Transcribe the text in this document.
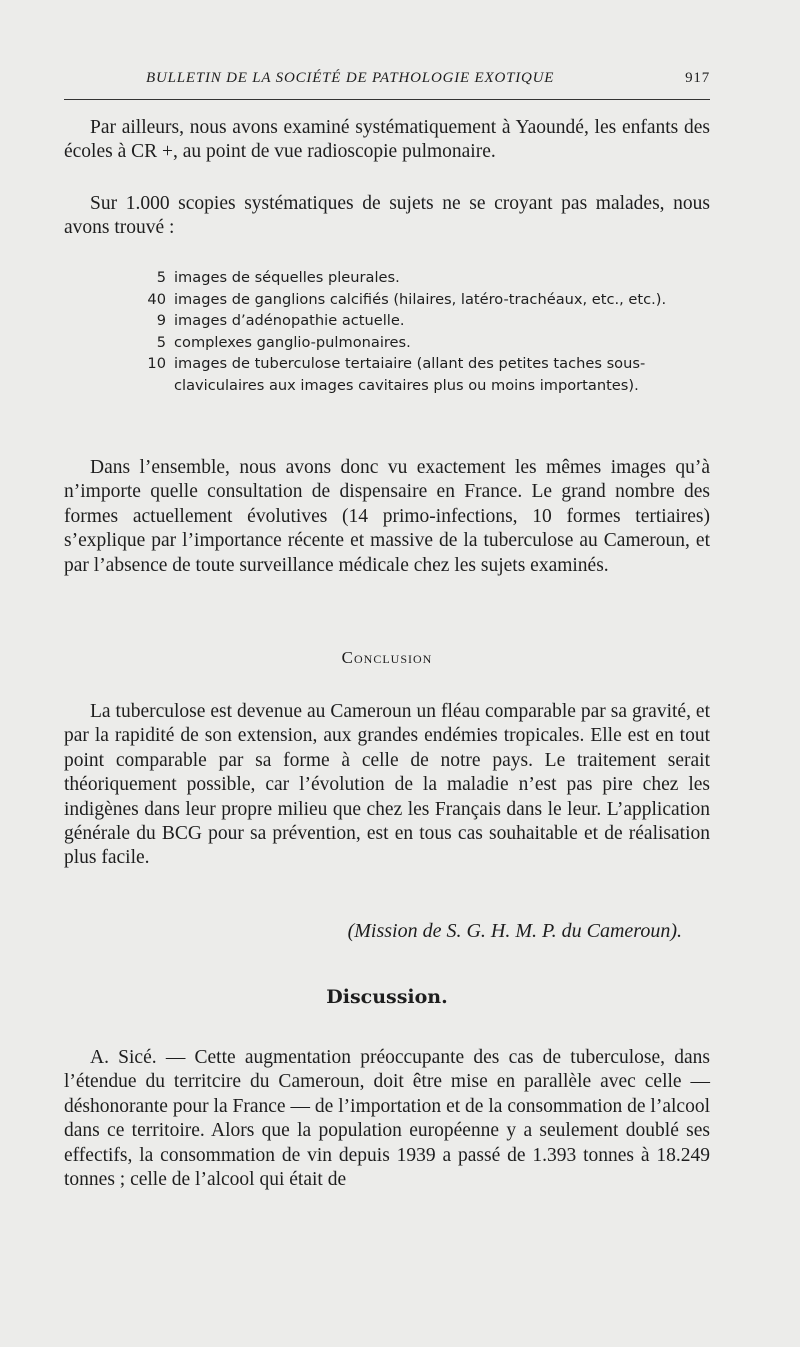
BULLETIN DE LA SOCIÉTÉ DE PATHOLOGIE EXOTIQUE	917

Par ailleurs, nous avons examiné systématiquement à Yaoundé, les enfants des écoles à CR +, au point de vue radioscopie pulmonaire.

Sur 1.000 scopies systématiques de sujets ne se croyant pas malades, nous avons trouvé :

5 images de séquelles pleurales.
40 images de ganglions calcifiés (hilaires, latéro-trachéaux, etc., etc.).
9 images d’adénopathie actuelle.
5 complexes ganglio-pulmonaires.
10 images de tuberculose tertaiaire (allant des petites taches sous-claviculaires aux images cavitaires plus ou moins importantes).

Dans l’ensemble, nous avons donc vu exactement les mêmes images qu’à n’importe quelle consultation de dispensaire en France. Le grand nombre des formes actuellement évolutives (14 primo-infections, 10 formes tertiaires) s’explique par l’importance récente et massive de la tuberculose au Cameroun, et par l’absence de toute surveillance médicale chez les sujets examinés.

Conclusion

La tuberculose est devenue au Cameroun un fléau comparable par sa gravité, et par la rapidité de son extension, aux grandes endémies tropicales. Elle est en tout point comparable par sa forme à celle de notre pays. Le traitement serait théoriquement possible, car l’évolution de la maladie n’est pas pire chez les indigènes dans leur propre milieu que chez les Français dans le leur. L’application générale du BCG pour sa prévention, est en tous cas souhaitable et de réalisation plus facile.

(Mission de S. G. H. M. P. du Cameroun).
Discussion.

A. Sicé. — Cette augmentation préoccupante des cas de tuberculose, dans l’étendue du territcire du Cameroun, doit être mise en parallèle avec celle — déshonorante pour la France — de l’importation et de la consommation de l’alcool dans ce territoire. Alors que la population européenne y a seulement doublé ses effectifs, la consommation de vin depuis 1939 a passé de 1.393 tonnes à 18.249 tonnes ; celle de l’alcool qui était de
